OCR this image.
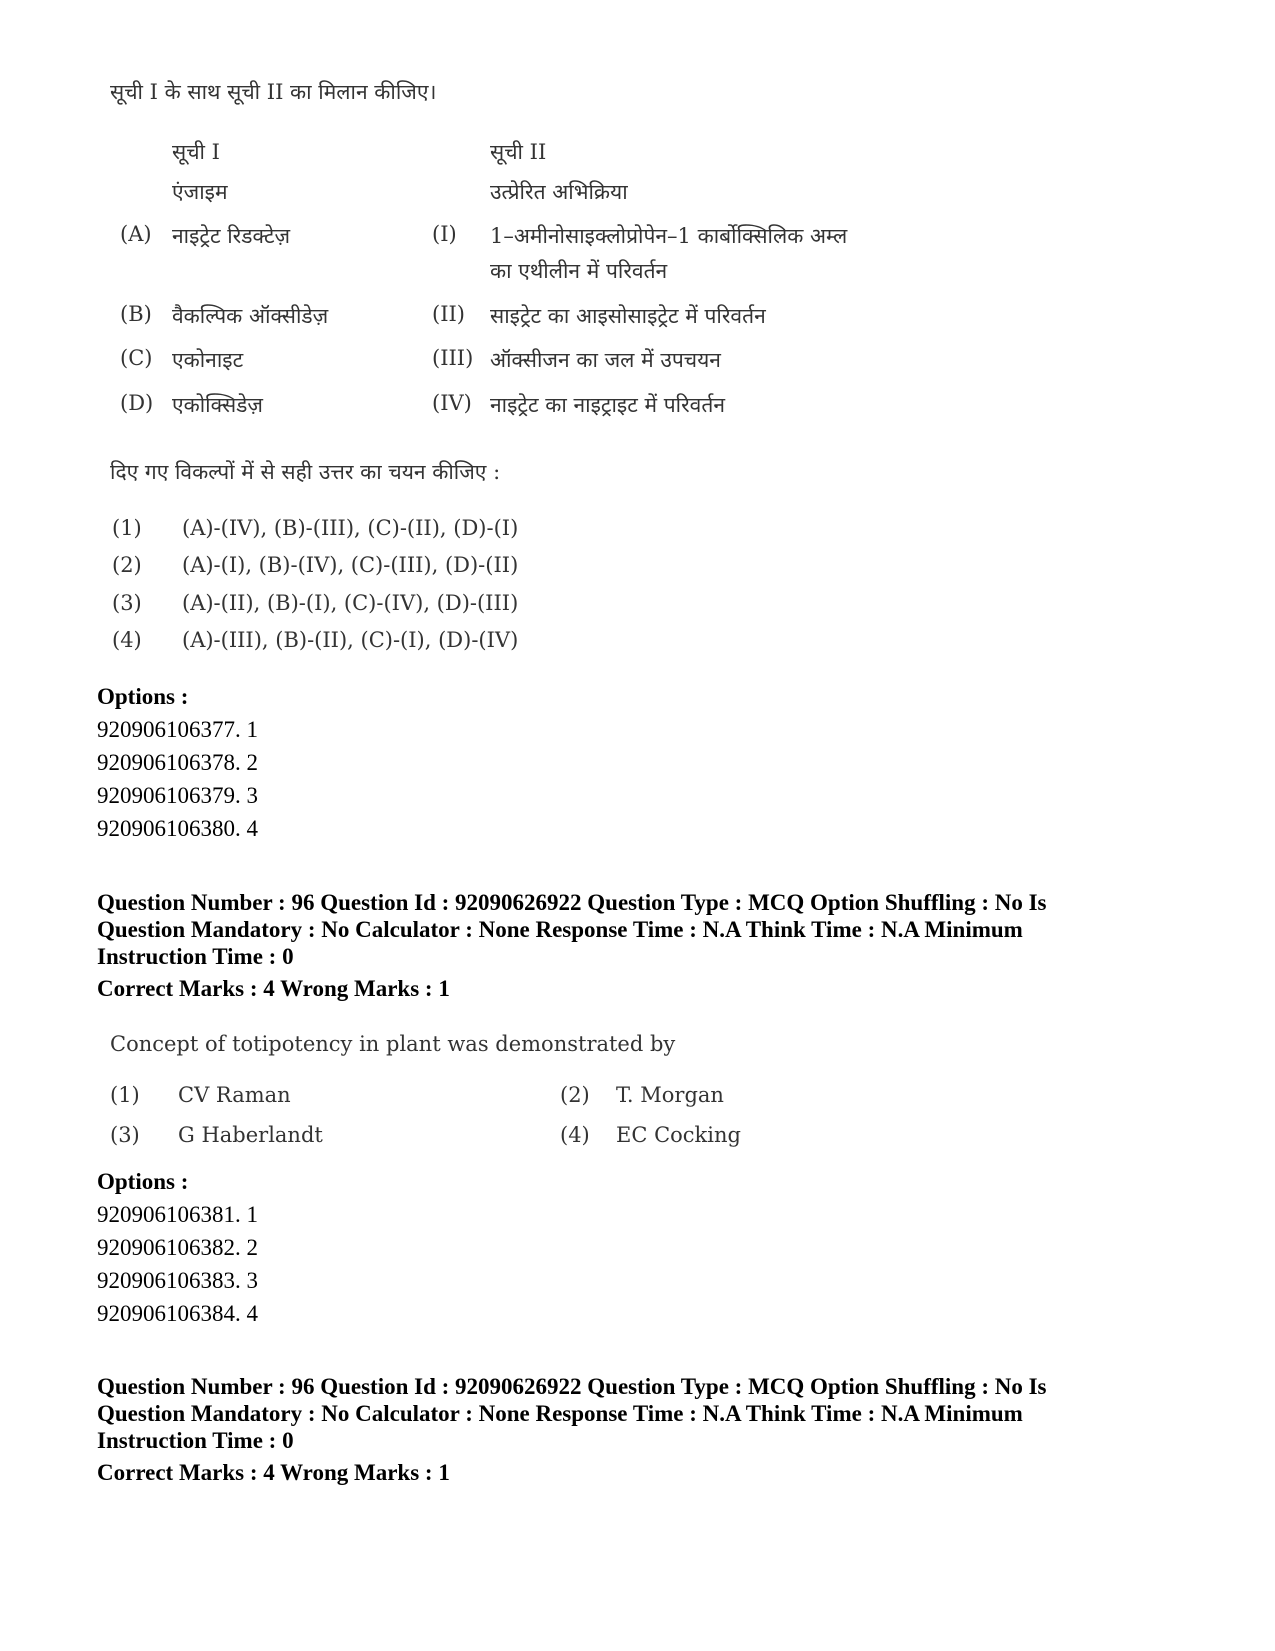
सूची I के साथ सूची II का मिलान कीजिए।
सूची I	सूची II
एंजाइम	उत्प्रेरित अभिक्रिया
(A) नाइट्रेट रिडक्टेज़	(I) 1–अमीनोसाइक्लोप्रोपेन–1 कार्बोक्सिलिक अम्ल
का एथीलीन में परिवर्तन
(B) वैकल्पिक ऑक्सीडेज़	(II) साइट्रेट का आइसोसाइट्रेट में परिवर्तन
(C) एकोनाइट	(III) ऑक्सीजन का जल में उपचयन
(D) एकोक्सिडेज़	(IV) नाइट्रेट का नाइट्राइट में परिवर्तन
दिए गए विकल्पों में से सही उत्तर का चयन कीजिए :
(1) (A)-(IV), (B)-(III), (C)-(II), (D)-(I)
(2) (A)-(I), (B)-(IV), (C)-(III), (D)-(II)
(3) (A)-(II), (B)-(I), (C)-(IV), (D)-(III)
(4) (A)-(III), (B)-(II), (C)-(I), (D)-(IV)
Options :
920906106377. 1
920906106378. 2
920906106379. 3
920906106380. 4
Question Number : 96 Question Id : 92090626922 Question Type : MCQ Option Shuffling : No Is
Question Mandatory : No Calculator : None Response Time : N.A Think Time : N.A Minimum
Instruction Time : 0
Correct Marks : 4 Wrong Marks : 1
Concept of totipotency in plant was demonstrated by
(1) CV Raman	(2) T. Morgan
(3) G Haberlandt	(4) EC Cocking
Options :
920906106381. 1
920906106382. 2
920906106383. 3
920906106384. 4
Question Number : 96 Question Id : 92090626922 Question Type : MCQ Option Shuffling : No Is
Question Mandatory : No Calculator : None Response Time : N.A Think Time : N.A Minimum
Instruction Time : 0
Correct Marks : 4 Wrong Marks : 1
